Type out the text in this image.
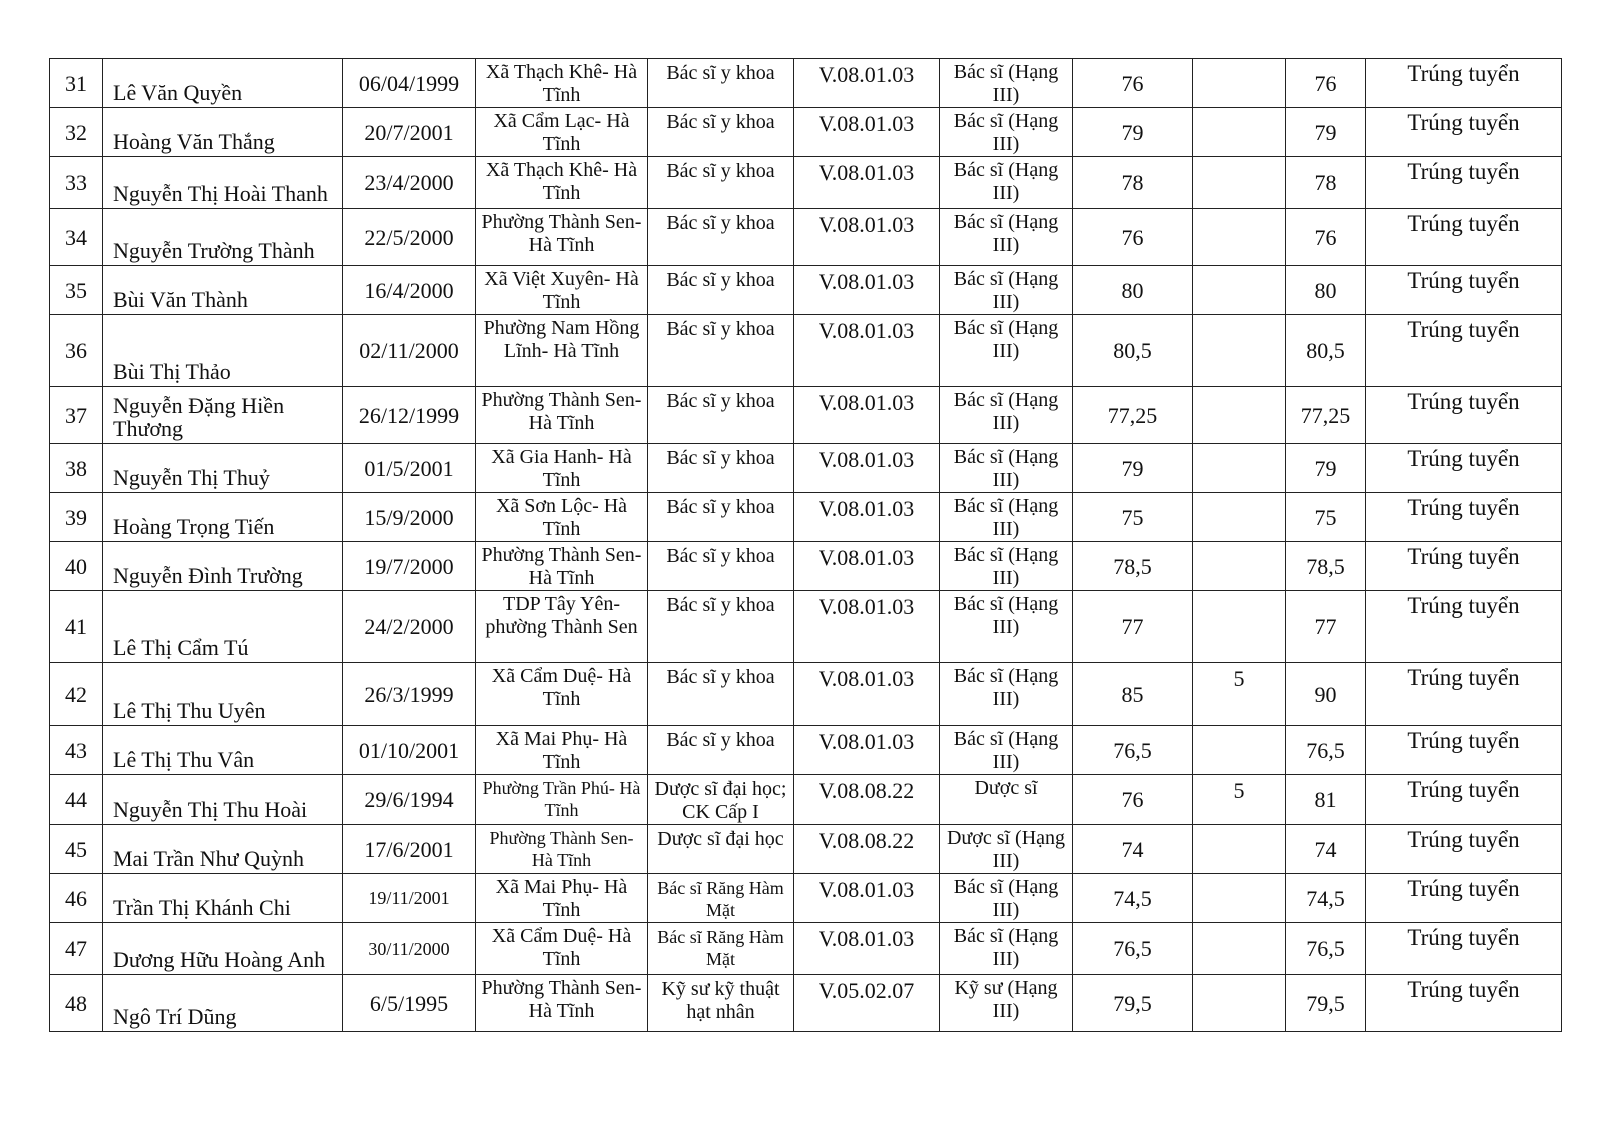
31	Lê Văn Quyền	06/04/1999	Xã Thạch Khê- Hà Tĩnh	Bác sĩ y khoa	V.08.01.03	Bác sĩ (Hạng III)	76		76	Trúng tuyển
32	Hoàng Văn Thắng	20/7/2001	Xã Cẩm Lạc- Hà Tĩnh	Bác sĩ y khoa	V.08.01.03	Bác sĩ (Hạng III)	79		79	Trúng tuyển
33	Nguyễn Thị Hoài Thanh	23/4/2000	Xã Thạch Khê- Hà Tĩnh	Bác sĩ y khoa	V.08.01.03	Bác sĩ (Hạng III)	78		78	Trúng tuyển
34	Nguyễn Trường Thành	22/5/2000	Phường Thành Sen- Hà Tĩnh	Bác sĩ y khoa	V.08.01.03	Bác sĩ (Hạng III)	76		76	Trúng tuyển
35	Bùi Văn Thành	16/4/2000	Xã Việt Xuyên- Hà Tĩnh	Bác sĩ y khoa	V.08.01.03	Bác sĩ (Hạng III)	80		80	Trúng tuyển
36	Bùi Thị Thảo	02/11/2000	Phường Nam Hồng Lĩnh- Hà Tĩnh	Bác sĩ y khoa	V.08.01.03	Bác sĩ (Hạng III)	80,5		80,5	Trúng tuyển
37	Nguyễn Đặng Hiền Thương	26/12/1999	Phường Thành Sen- Hà Tĩnh	Bác sĩ y khoa	V.08.01.03	Bác sĩ (Hạng III)	77,25		77,25	Trúng tuyển
38	Nguyễn Thị Thuỷ	01/5/2001	Xã Gia Hanh- Hà Tĩnh	Bác sĩ y khoa	V.08.01.03	Bác sĩ (Hạng III)	79		79	Trúng tuyển
39	Hoàng Trọng Tiến	15/9/2000	Xã Sơn Lộc- Hà Tĩnh	Bác sĩ y khoa	V.08.01.03	Bác sĩ (Hạng III)	75		75	Trúng tuyển
40	Nguyễn Đình Trường	19/7/2000	Phường Thành Sen- Hà Tĩnh	Bác sĩ y khoa	V.08.01.03	Bác sĩ (Hạng III)	78,5		78,5	Trúng tuyển
41	Lê Thị Cẩm Tú	24/2/2000	TDP Tây Yên- phường Thành Sen	Bác sĩ y khoa	V.08.01.03	Bác sĩ (Hạng III)	77		77	Trúng tuyển
42	Lê Thị Thu Uyên	26/3/1999	Xã Cẩm Duệ- Hà Tĩnh	Bác sĩ y khoa	V.08.01.03	Bác sĩ (Hạng III)	85	5	90	Trúng tuyển
43	Lê Thị Thu Vân	01/10/2001	Xã Mai Phụ- Hà Tĩnh	Bác sĩ y khoa	V.08.01.03	Bác sĩ (Hạng III)	76,5		76,5	Trúng tuyển
44	Nguyễn Thị Thu Hoài	29/6/1994	Phường Trần Phú- Hà Tĩnh	Dược sĩ đại học; CK Cấp I	V.08.08.22	Dược sĩ	76	5	81	Trúng tuyển
45	Mai Trần Như Quỳnh	17/6/2001	Phường Thành Sen- Hà Tĩnh	Dược sĩ đại học	V.08.08.22	Dược sĩ (Hạng III)	74		74	Trúng tuyển
46	Trần Thị Khánh Chi	19/11/2001	Xã Mai Phụ- Hà Tĩnh	Bác sĩ Răng Hàm Mặt	V.08.01.03	Bác sĩ (Hạng III)	74,5		74,5	Trúng tuyển
47	Dương Hữu Hoàng Anh	30/11/2000	Xã Cẩm Duệ- Hà Tĩnh	Bác sĩ Răng Hàm Mặt	V.08.01.03	Bác sĩ (Hạng III)	76,5		76,5	Trúng tuyển
48	Ngô Trí Dũng	6/5/1995	Phường Thành Sen- Hà Tĩnh	Kỹ sư kỹ thuật hạt nhân	V.05.02.07	Kỹ sư (Hạng III)	79,5		79,5	Trúng tuyển
